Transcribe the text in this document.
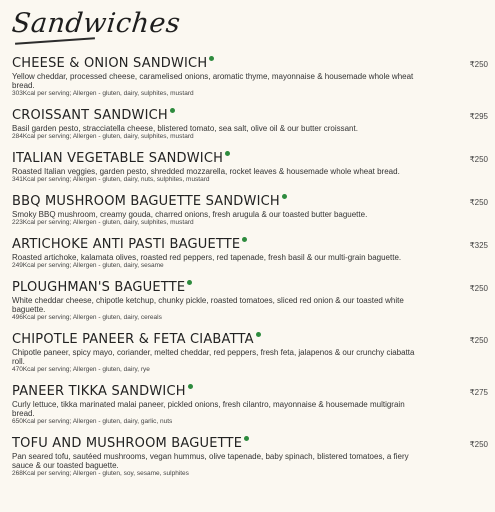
Sandwiches
CHEESE & ONION SANDWICH	₹250
Yellow cheddar, processed cheese, caramelised onions, aromatic thyme, mayonnaise & housemade whole wheat bread.
303Kcal per serving; Allergen - gluten, dairy, sulphites, mustard
CROISSANT SANDWICH	₹295
Basil garden pesto, stracciatella cheese, blistered tomato, sea salt, olive oil & our butter croissant.
284Kcal per serving; Allergen - gluten, dairy, sulphites, mustard
ITALIAN VEGETABLE SANDWICH	₹250
Roasted Italian veggies, garden pesto, shredded mozzarella, rocket leaves & housemade whole wheat bread.
341Kcal per serving; Allergen - gluten, dairy, nuts, sulphites, mustard
BBQ MUSHROOM BAGUETTE SANDWICH	₹250
Smoky BBQ mushroom, creamy gouda, charred onions, fresh arugula & our toasted butter baguette.
223Kcal per serving; Allergen - gluten, dairy, sulphites, mustard
ARTICHOKE ANTI PASTI BAGUETTE	₹325
Roasted artichoke, kalamata olives, roasted red peppers, red tapenade, fresh basil & our multi-grain baguette.
249Kcal per serving; Allergen - gluten, dairy, sesame
PLOUGHMAN'S BAGUETTE	₹250
White cheddar cheese, chipotle ketchup, chunky pickle, roasted tomatoes, sliced red onion & our toasted white baguette.
496Kcal per serving; Allergen - gluten, dairy, cereals
CHIPOTLE PANEER & FETA CIABATTA	₹250
Chipotle paneer, spicy mayo, coriander, melted cheddar, red peppers, fresh feta, jalapenos & our crunchy ciabatta roll.
470Kcal per serving; Allergen - gluten, dairy, rye
PANEER TIKKA SANDWICH	₹275
Curly lettuce, tikka marinated malai paneer, pickled onions, fresh cilantro, mayonnaise & housemade multigrain bread.
650Kcal per serving; Allergen - gluten, dairy, garlic, nuts
TOFU AND MUSHROOM BAGUETTE	₹250
Pan seared tofu, sautéed mushrooms, vegan hummus, olive tapenade, baby spinach, blistered tomatoes, a fiery sauce & our toasted baguette.
268Kcal per serving; Allergen - gluten, soy, sesame, sulphites
